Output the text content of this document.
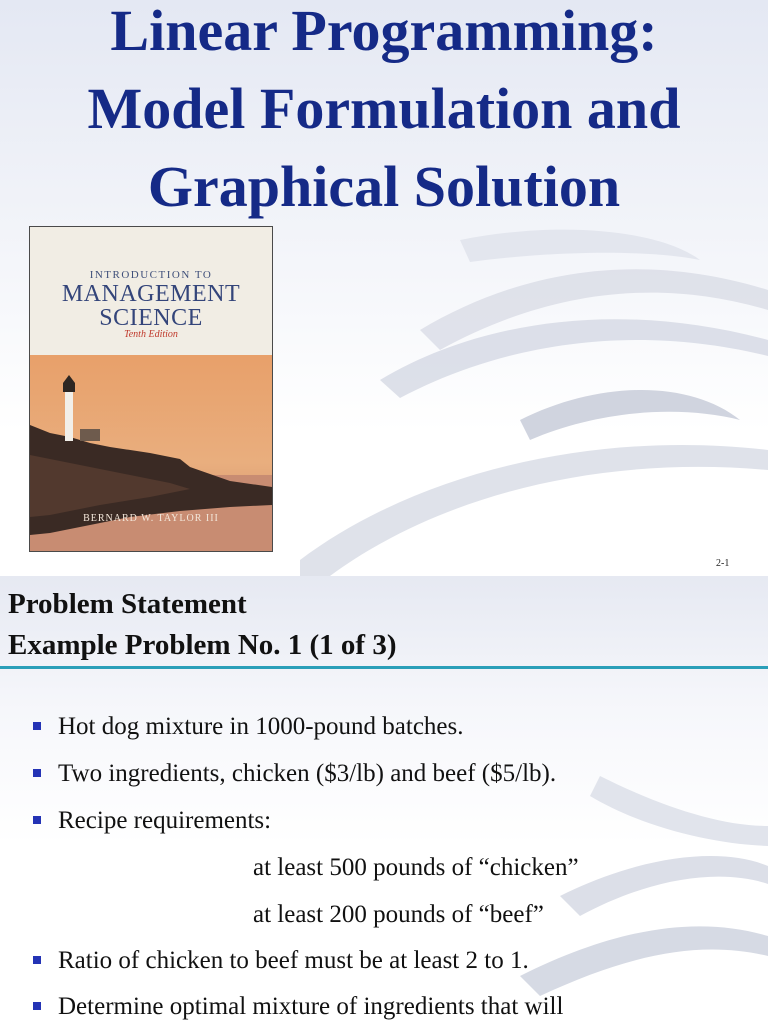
Linear Programming:
Model Formulation and
Graphical Solution
INTRODUCTION TO
MANAGEMENT
SCIENCE
Tenth Edition
BERNARD W. TAYLOR III
2-1
Problem Statement
Example Problem No. 1 (1 of 3)
Hot dog mixture in 1000-pound batches.
Two ingredients, chicken ($3/lb) and beef ($5/lb).
Recipe requirements:
at least 500 pounds of “chicken”
at least 200 pounds of “beef”
Ratio of chicken to beef must be at least 2 to 1.
Determine optimal mixture of ingredients that will
